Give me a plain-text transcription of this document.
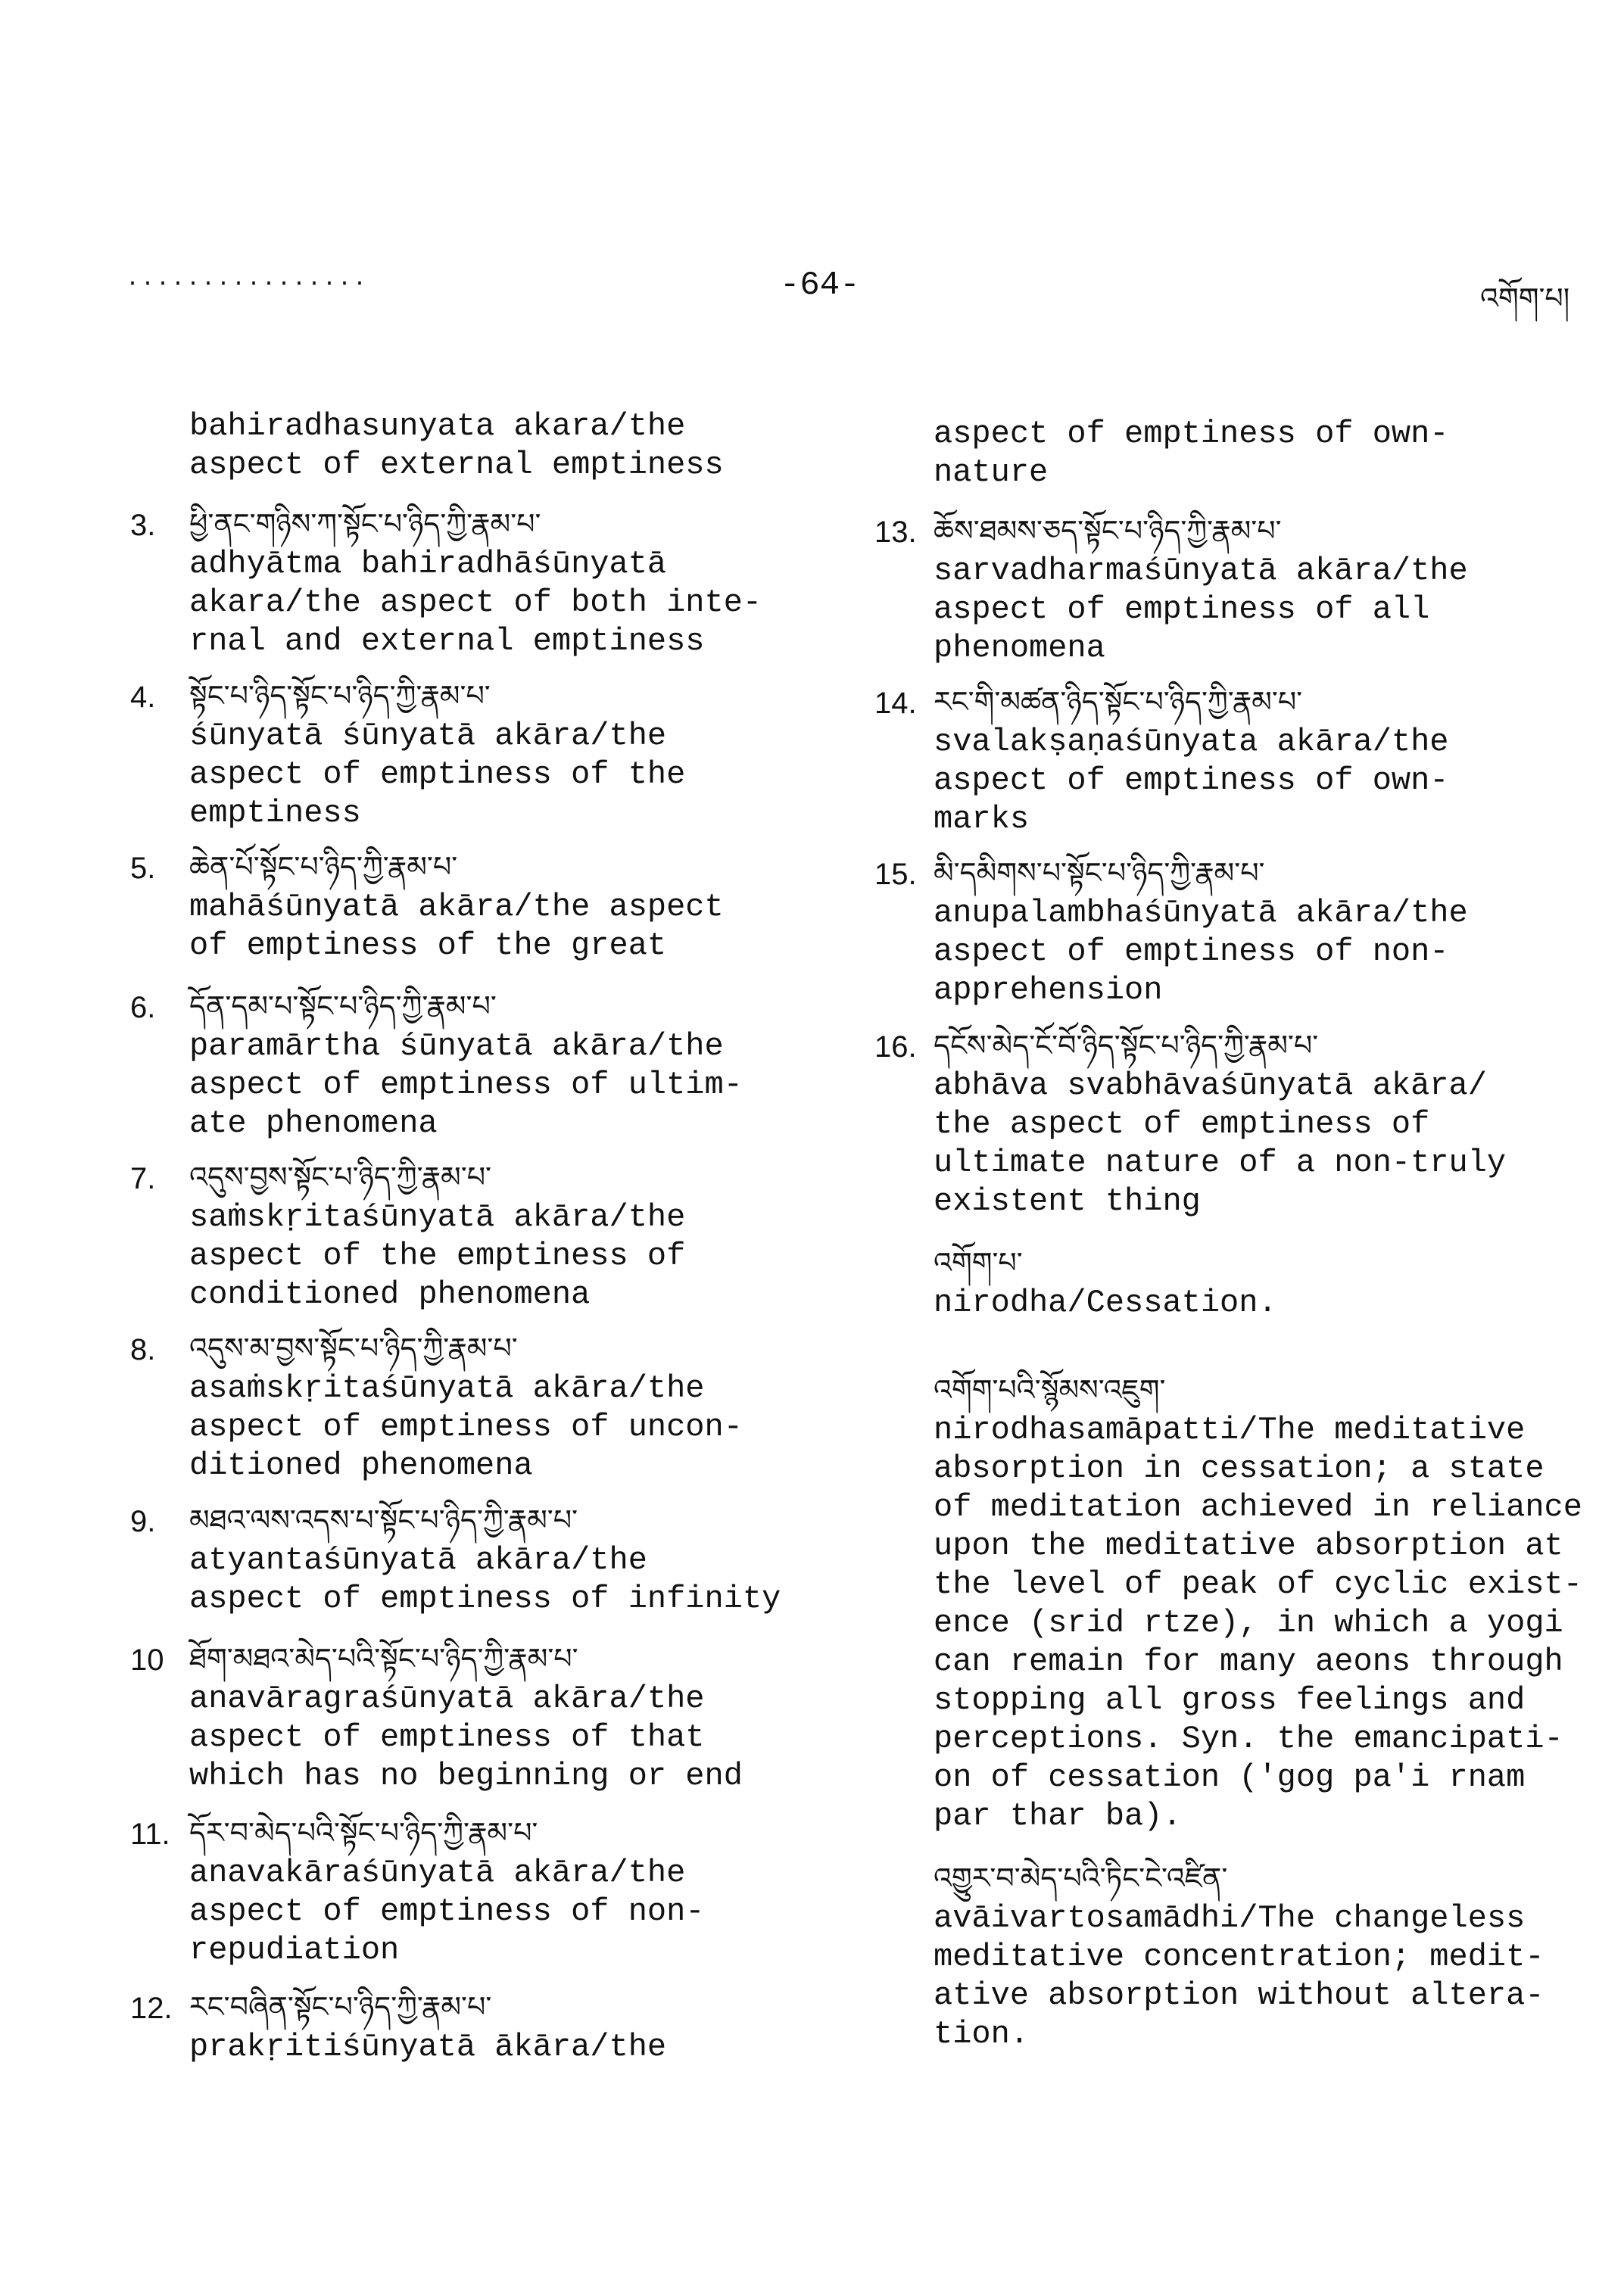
................	-64-	འགོག་པ།
bahiradhasunyata akara/the
aspect of external emptiness
3. ཕྱི་ནང་གཉིས་ཀ་སྟོང་པ་ཉིད་ཀྱི་རྣམ་པ་
adhyātma bahiradhāśūnyatā
akara/the aspect of both inte-
rnal and external emptiness
4. སྟོང་པ་ཉིད་སྟོང་པ་ཉིད་ཀྱི་རྣམ་པ་
śūnyatā śūnyatā akāra/the
aspect of emptiness of the
emptiness
5. ཆེན་པོ་སྟོང་པ་ཉིད་ཀྱི་རྣམ་པ་
mahāśūnyatā akāra/the aspect
of emptiness of the great
6. དོན་དམ་པ་སྟོང་པ་ཉིད་ཀྱི་རྣམ་པ་
paramārtha śūnyatā akāra/the
aspect of emptiness of ultim-
ate phenomena
7. འདུས་བྱས་སྟོང་པ་ཉིད་ཀྱི་རྣམ་པ་
saṁskṛitaśūnyatā akāra/the
aspect of the emptiness of
conditioned phenomena
8. འདུས་མ་བྱས་སྟོང་པ་ཉིད་ཀྱི་རྣམ་པ་
asaṁskṛitaśūnyatā akāra/the
aspect of emptiness of uncon-
ditioned phenomena
9. མཐའ་ལས་འདས་པ་སྟོང་པ་ཉིད་ཀྱི་རྣམ་པ་
atyantaśūnyatā akāra/the
aspect of emptiness of infinity
10 ཐོག་མཐའ་མེད་པའི་སྟོང་པ་ཉིད་ཀྱི་རྣམ་པ་
anavāragraśūnyatā akāra/the
aspect of emptiness of that
which has no beginning or end
11. དོར་བ་མེད་པའི་སྟོང་པ་ཉིད་ཀྱི་རྣམ་པ་
anavakāraśūnyatā akāra/the
aspect of emptiness of non-
repudiation
12. རང་བཞིན་སྟོང་པ་ཉིད་ཀྱི་རྣམ་པ་
prakṛitiśūnyatā ākāra/the
aspect of emptiness of own-
nature
13. ཆོས་ཐམས་ཅད་སྟོང་པ་ཉིད་ཀྱི་རྣམ་པ་
sarvadharmaśūnyatā akāra/the
aspect of emptiness of all
phenomena
14. རང་གི་མཚན་ཉིད་སྟོང་པ་ཉིད་ཀྱི་རྣམ་པ་
svalakṣaṇaśūnyata akāra/the
aspect of emptiness of own-
marks
15. མི་དམིགས་པ་སྟོང་པ་ཉིད་ཀྱི་རྣམ་པ་
anupalambhaśūnyatā akāra/the
aspect of emptiness of non-
apprehension
16. དངོས་མེད་ངོ་བོ་ཉིད་སྟོང་པ་ཉིད་ཀྱི་རྣམ་པ་
abhāva svabhāvaśūnyatā akāra/
the aspect of emptiness of
ultimate nature of a non-truly
existent thing
འགོག་པ་
nirodha/Cessation.
འགོག་པའི་སྙོམས་འཇུག་
nirodhasamāpatti/The meditative
absorption in cessation; a state
of meditation achieved in reliance
upon the meditative absorption at
the level of peak of cyclic exist-
ence (srid rtze), in which a yogi
can remain for many aeons through
stopping all gross feelings and
perceptions. Syn. the emancipati-
on of cessation ('gog pa'i rnam
par thar ba).
འགྱུར་བ་མེད་པའི་ཏིང་ངེ་འཛིན་
avāivartosamādhi/The changeless
meditative concentration; medit-
ative absorption without altera-
tion.
